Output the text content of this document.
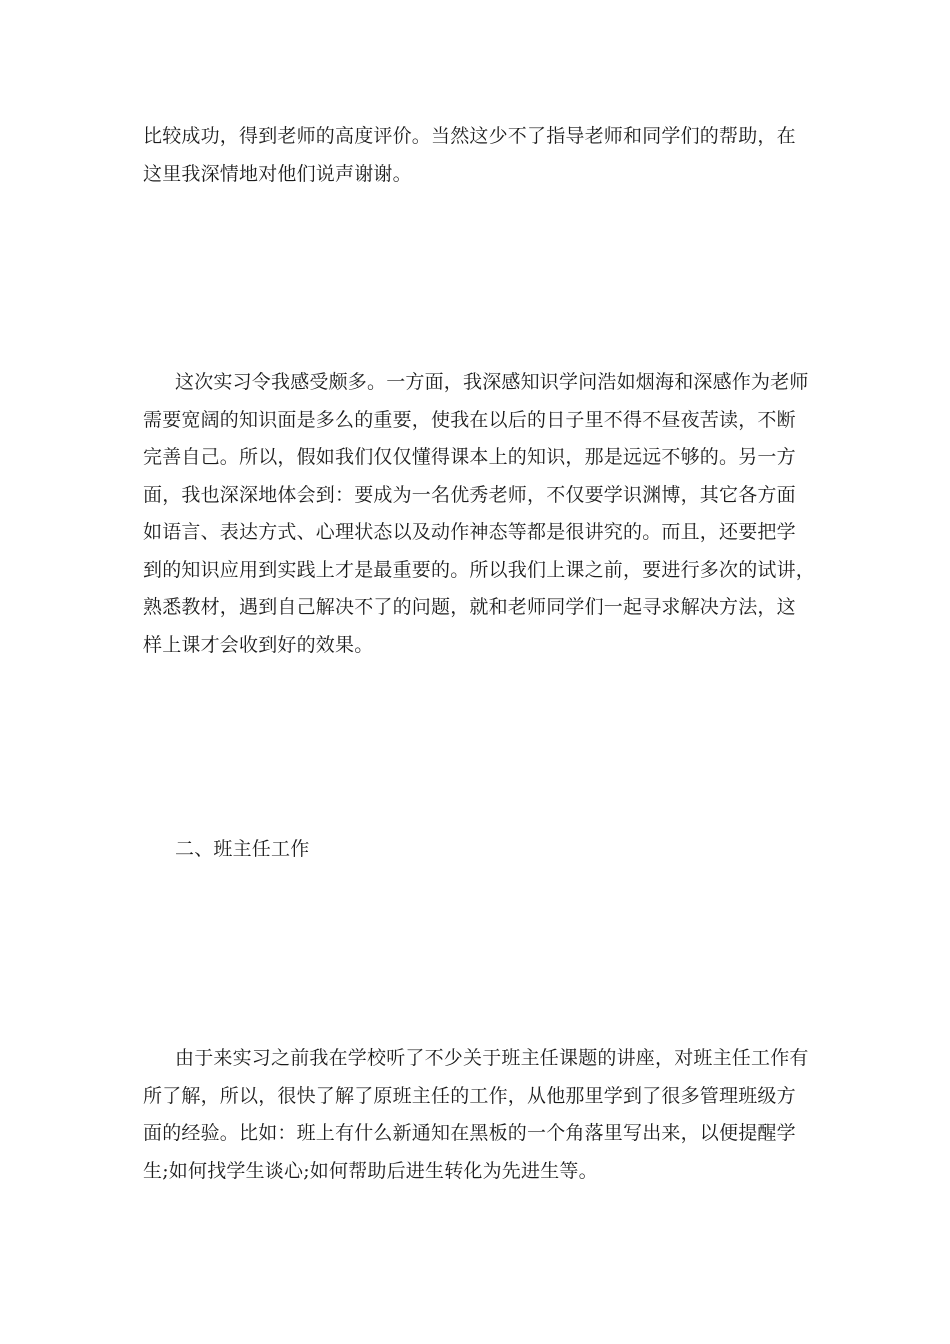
比较成功，得到老师的高度评价。当然这少不了指导老师和同学们的帮助，在
这里我深情地对他们说声谢谢。
这次实习令我感受颇多。一方面，我深感知识学问浩如烟海和深感作为老师
需要宽阔的知识面是多么的重要，使我在以后的日子里不得不昼夜苦读，不断
完善自己。所以，假如我们仅仅懂得课本上的知识，那是远远不够的。另一方
面，我也深深地体会到：要成为一名优秀老师，不仅要学识渊博，其它各方面
如语言、表达方式、心理状态以及动作神态等都是很讲究的。而且，还要把学
到的知识应用到实践上才是最重要的。所以我们上课之前，要进行多次的试讲，
熟悉教材，遇到自己解决不了的问题，就和老师同学们一起寻求解决方法，这
样上课才会收到好的效果。
二、班主任工作
由于来实习之前我在学校听了不少关于班主任课题的讲座，对班主任工作有
所了解，所以，很快了解了原班主任的工作，从他那里学到了很多管理班级方
面的经验。比如：班上有什么新通知在黑板的一个角落里写出来，以便提醒学
生;如何找学生谈心;如何帮助后进生转化为先进生等。
